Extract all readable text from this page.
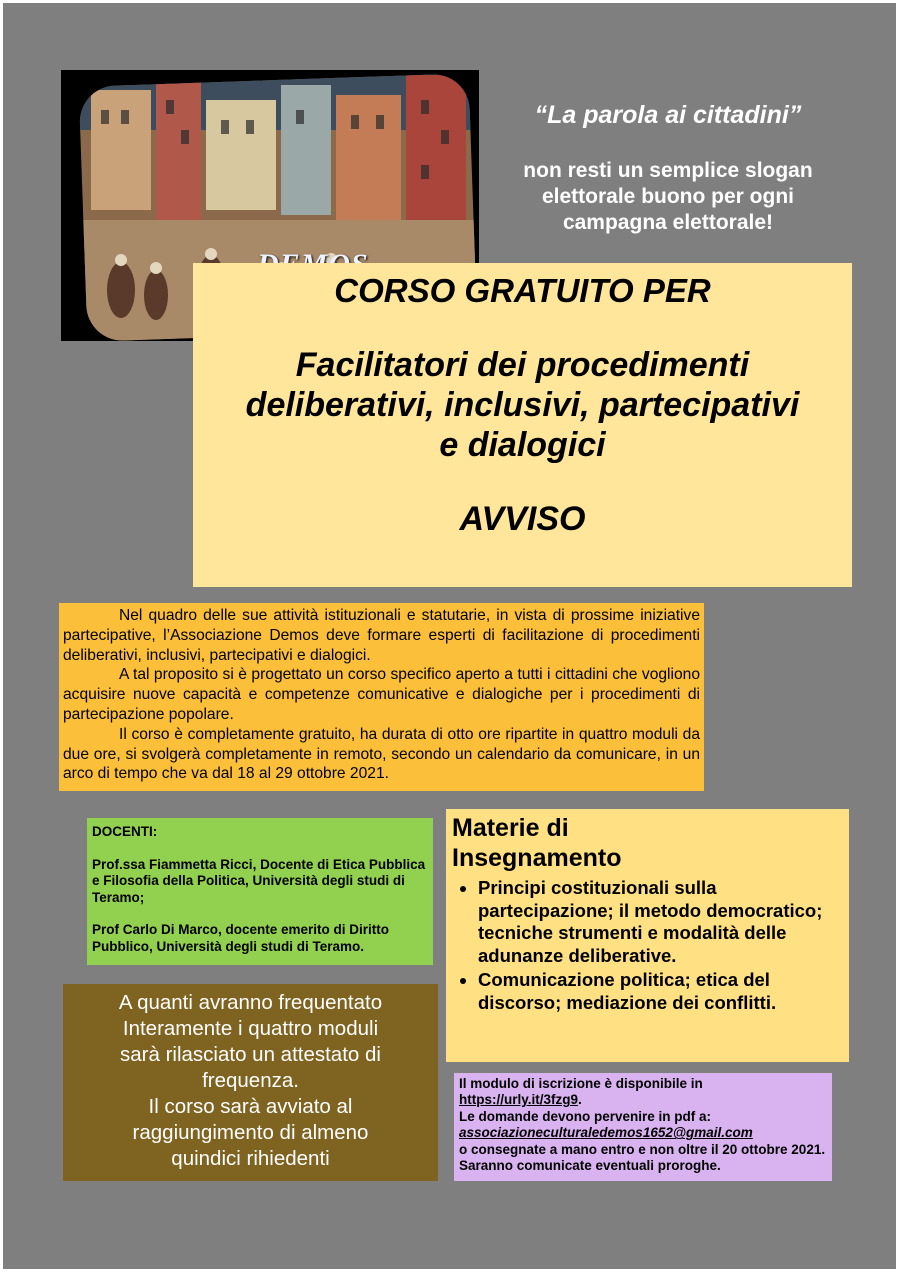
“La parola ai cittadini”
non resti un semplice slogan
elettorale buono per ogni
campagna elettorale!
CORSO GRATUITO PER
Facilitatori dei procedimenti
deliberativi, inclusivi, partecipativi
e dialogici
AVVISO

Nel quadro delle sue attività istituzionali e statutarie, in vista di prossime iniziative partecipative, l’Associazione Demos deve formare esperti di facilitazione di procedimenti deliberativi, inclusivi, partecipativi e dialogici.

A tal proposito si è progettato un corso specifico aperto a tutti i cittadini che vogliono acquisire nuove capacità e competenze comunicative e dialogiche per i procedimenti di partecipazione popolare.

Il corso è completamente gratuito, ha durata di otto ore ripartite in quattro moduli da due ore, si svolgerà completamente in remoto, secondo un calendario da comunicare, in un arco di tempo che va dal 18 al 29 ottobre 2021.

DOCENTI:
Prof.ssa Fiammetta Ricci, Docente di Etica Pubblica e Filosofia della Politica, Università degli studi di Teramo;
Prof Carlo Di Marco, docente emerito di Diritto Pubblico, Università degli studi di Teramo.
Materie di
Insegnamento
• Principi costituzionali sulla partecipazione; il metodo democratico; tecniche strumenti e modalità delle adunanze deliberative.
• Comunicazione politica; etica del discorso; mediazione dei conflitti.
A quanti avranno frequentato
Interamente i quattro moduli
sarà rilasciato un attestato di
frequenza.
Il corso sarà avviato al
raggiungimento di almeno
quindici rihiedenti
Il modulo di iscrizione è disponibile in
https://urly.it/3fzg9.
Le domande devono pervenire in pdf a:
associazioneculturaledemos1652@gmail.com
o consegnate a mano entro e non oltre il 20 ottobre 2021. Saranno comunicate eventuali proroghe.
